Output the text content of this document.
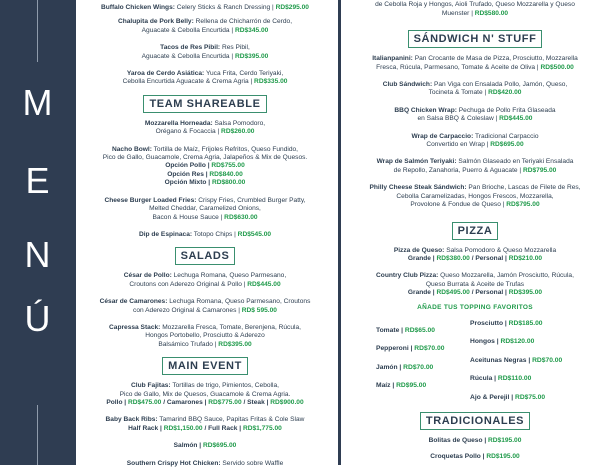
M
E
N
Ú
Buffalo Chicken Wings: Celery Sticks & Ranch Dressing | RD$295.00
Chalupita de Pork Belly: Rellena de Chicharrón de Cerdo,
Aguacate & Cebolla Encurtida | RD$345.00
Tacos de Res Pibil: Res Pibil,
Aguacate & Cebolla Encurtida | RD$395.00
Yaroa de Cerdo Asiática: Yuca Frita, Cerdo Teriyaki,
Cebolla Encurtida Aguacate & Crema Agria | RD$335.00
TEAM SHAREABLE
Mozzarella Horneada: Salsa Pomodoro,
Orégano & Focaccia | RD$260.00
Nacho Bowl: Tortilla de Maíz, Frijoles Refritos, Queso Fundido,
Pico de Gallo, Guacamole, Crema Agria, Jalapeños & Mix de Quesos.
Opción Pollo | RD$755.00
Opción Res | RD$840.00
Opción Mixto | RD$800.00
Cheese Burger Loaded Fries: Crispy Fries, Crumbled Burger Patty,
Melted Cheddar, Caramelized Onions,
Bacon & House Sauce | RD$630.00
Dip de Espinaca: Totopo Chips | RD$545.00
SALADS
César de Pollo: Lechuga Romana, Queso Parmesano,
Croutons con Aderezo Original & Pollo | RD$445.00
César de Camarones: Lechuga Romana, Queso Parmesano, Croutons
con Aderezo Original & Camarones | RD$ 595.00
Capressa Stack: Mozzarella Fresca, Tomate, Berenjena, Rúcula,
Hongos Portobello, Prosciutto & Aderezo
Balsámico Trufado | RD$395.00
MAIN EVENT
Club Fajitas: Tortillas de trigo, Pimientos, Cebolla,
Pico de Gallo, Mix de Quesos, Guacamole & Crema Agria.
Pollo | RD$475.00 / Camarones | RD$775.00 / Steak | RD$900.00
Baby Back Ribs: Tamarind BBQ Sauce, Papitas Fritas & Cole Slaw
Half Rack | RD$1,150.00 / Full Rack | RD$1,775.00
Salmón | RD$695.00
Southern Crispy Hot Chicken: Servido sobre Waffle

de Cebolla Roja y Hongos, Aioli Trufado, Queso Mozzarella y Queso
Muenster | RD$580.00
SÁNDWICH N' STUFF
Italianpanini: Pan Crocante de Masa de Pizza, Prosciutto, Mozzarella
Fresca, Rúcula, Parmesano, Tomate & Aceite de Oliva | RD$500.00
Club Sándwich: Pan Viga con Ensalada Pollo, Jamón, Queso,
Tocineta & Tomate | RD$420.00
BBQ Chicken Wrap: Pechuga de Pollo Frita Glaseada
en Salsa BBQ & Coleslaw | RD$445.00
Wrap de Carpaccio: Tradicional Carpaccio
Convertido en Wrap | RD$695.00
Wrap de Salmón Teriyaki: Salmón Glaseado en Teriyaki Ensalada
de Repollo, Zanahoria, Puerro & Aguacate | RD$795.00
Philly Cheese Steak Sándwich: Pan Brioche, Lascas de Filete de Res,
Cebolla Caramelizadas, Hongos Frescos, Mozzarella,
Provolone & Fondue de Queso | RD$795.00
PIZZA
Pizza de Queso: Salsa Pomodoro & Queso Mozzarella
Grande | RD$380.00 / Personal | RD$210.00
Country Club Pizza: Queso Mozzarella, Jamón Prosciutto, Rúcula,
Queso Burrata & Aceite de Trufas
Grande | RD$495.00 / Personal | RD$395.00
AÑADE TUS TOPPING FAVORITOS
Tomate | RD$65.00
Pepperoni | RD$70.00
Jamón | RD$70.00
Maíz | RD$95.00
Prosciutto | RD$185.00
Hongos | RD$120.00
Aceitunas Negras | RD$70.00
Rúcula | RD$110.00
Ajo & Perejil | RD$75.00
TRADICIONALES
Bolitas de Queso | RD$195.00
Croquetas Pollo | RD$195.00
